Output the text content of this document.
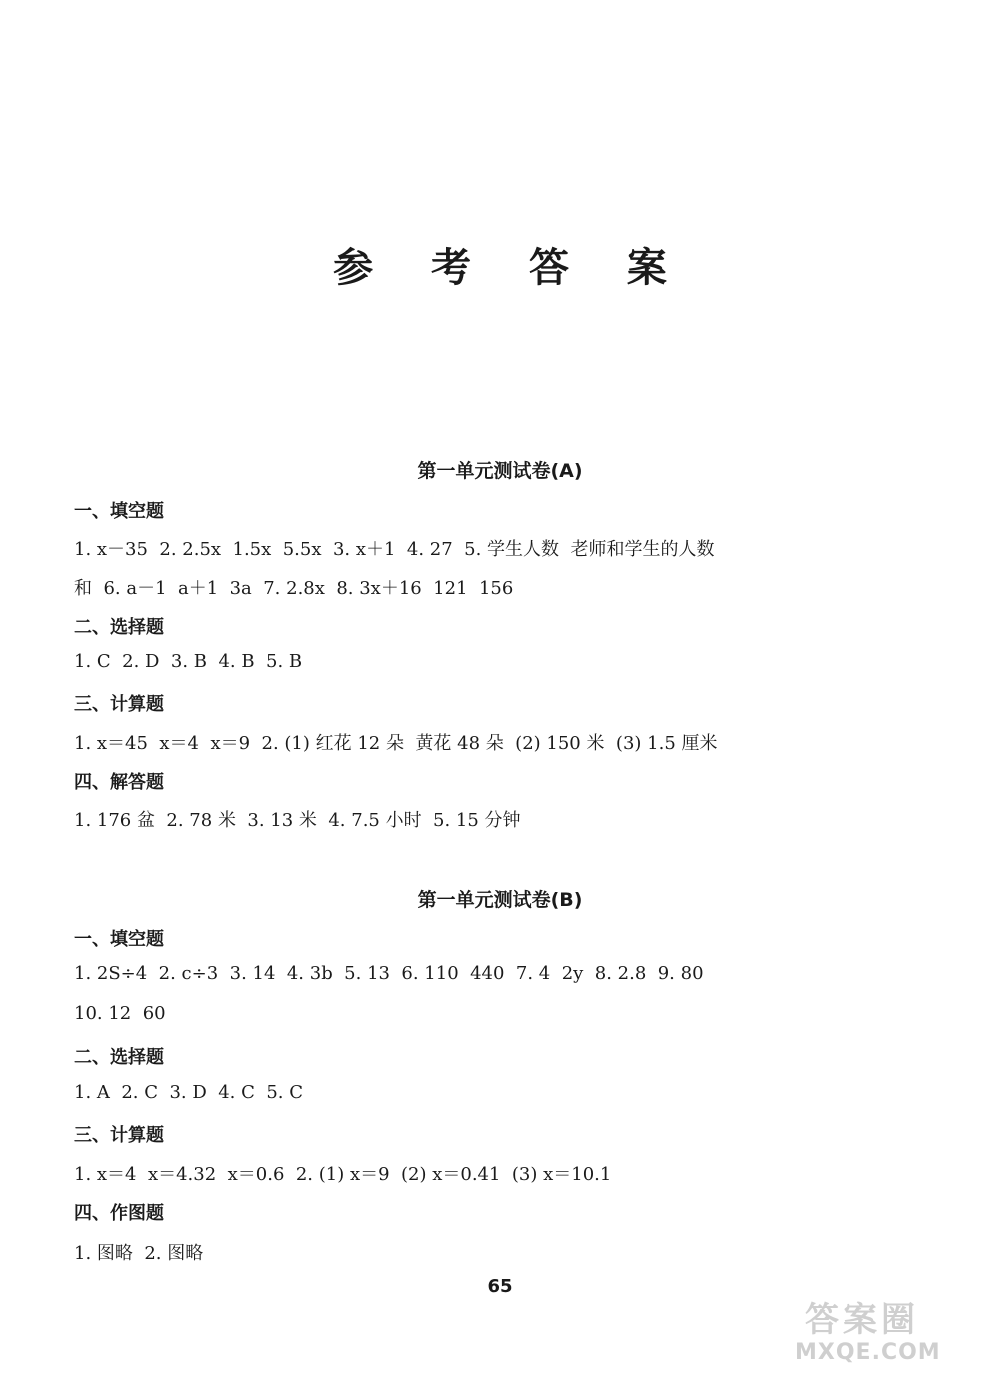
参 考 答 案
第一单元测试卷(A)
一、填空题
1. x－35  2. 2.5x  1.5x  5.5x  3. x＋1  4. 27  5. 学生人数  老师和学生的人数
和  6. a－1  a＋1  3a  7. 2.8x  8. 3x＋16  121  156
二、选择题
1. C  2. D  3. B  4. B  5. B
三、计算题
1. x＝45  x＝4  x＝9  2. (1) 红花 12 朵  黄花 48 朵  (2) 150 米  (3) 1.5 厘米
四、解答题
1. 176 盆  2. 78 米  3. 13 米  4. 7.5 小时  5. 15 分钟
第一单元测试卷(B)
一、填空题
1. 2S÷4  2. c÷3  3. 14  4. 3b  5. 13  6. 110  440  7. 4  2y  8. 2.8  9. 80
10. 12  60
二、选择题
1. A  2. C  3. D  4. C  5. C
三、计算题
1. x＝4  x＝4.32  x＝0.6  2. (1) x＝9  (2) x＝0.41  (3) x＝10.1
四、作图题
1. 图略  2. 图略
65
答案圈
MXQE.COM
